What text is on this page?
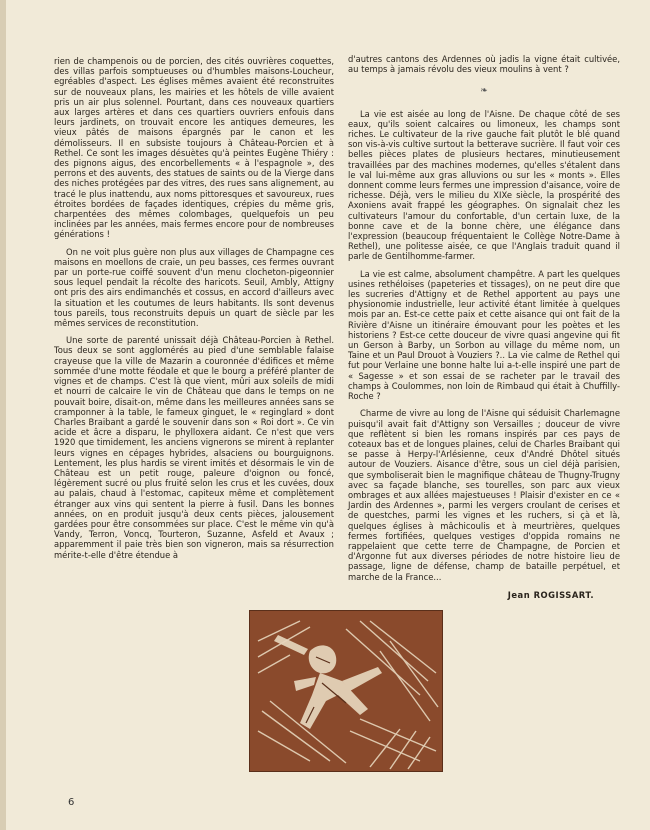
rien de champenois ou de porcien, des cités ouvrières coquettes, des villas parfois somptueuses ou d'humbles maisons-Loucheur, egréables d'aspect. Les églises mêmes avaient été reconstruites sur de nouveaux plans, les mairies et les hôtels de ville avaient pris un air plus solennel. Pourtant, dans ces nouveaux quartiers aux larges artères et dans ces quartiers ouvriers enfouis dans leurs jardinets, on trouvait encore les antiques demeures, les vieux pâtés de maisons épargnés par le canon et les démolisseurs. Il en subsiste toujours à Château-Porcien et à Rethel. Ce sont les images désuètes qu'à peintes Eugène Thiéry : des pignons aigus, des encorbellements « à l'espagnole », des perrons et des auvents, des statues de saints ou de la Vierge dans des niches protégées par des vitres, des rues sans alignement, au tracé le plus inattendu, aux noms pittoresques et savoureux, rues étroites bordées de façades identiques, crépies du même gris, charpentées des mêmes colombages, quelquefois un peu inclinées par les années, mais fermes encore pour de nombreuses générations !

On ne voit plus guère non plus aux villages de Champagne ces maisons en moellons de craie, un peu basses, ces fermes ouvrant par un porte-rue coiffé souvent d'un menu clocheton-pigeonnier sous lequel pendait la récolte des haricots. Seuil, Ambly, Attigny ont pris des airs endimanchés et cossus, en accord d'ailleurs avec la situation et les coutumes de leurs habitants. Ils sont devenus tous pareils, tous reconstruits depuis un quart de siècle par les mêmes services de reconstitution.

Une sorte de parenté unissait déjà Château-Porcien à Rethel. Tous deux se sont agglomérés au pied d'une semblable falaise crayeuse que la ville de Mazarin a couronnée d'édifices et même sommée d'une motte féodale et que le bourg a préféré planter de vignes et de champs. C'est là que vient, mûri aux soleils de midi et nourri de calcaire le vin de Château que dans le temps on ne pouvait boire, disait-on, même dans les meilleures années sans se cramponner à la table, le fameux ginguet, le « reginglard » dont Charles Braibant a gardé le souvenir dans son « Roi dort ». Ce vin acide et âcre a disparu, le phylloxera aidant. Ce n'est que vers 1920 que timidement, les anciens vignerons se mirent à replanter leurs vignes en cépages hybrides, alsaciens ou bourguignons. Lentement, les plus hardis se virent imités et désormais le vin de Château est un petit rouge, paleure d'oignon ou foncé, légèrement sucré ou plus fruité selon les crus et les cuvées, doux au palais, chaud à l'estomac, capiteux même et complètement étranger aux vins qui sentent la pierre à fusil. Dans les bonnes années, on en produit jusqu'à deux cents pièces, jalousement gardées pour être consommées sur place. C'est le même vin qu'à Vandy, Terron, Voncq, Tourteron, Suzanne, Asfeld et Avaux ; apparemment il paie très bien son vigneron, mais sa résurrection mérite-t-elle d'être étendue à

d'autres cantons des Ardennes où jadis la vigne était cultivée, au temps à jamais révolu des vieux moulins à vent ?

❧

La vie est aisée au long de l'Aisne. De chaque côté de ses eaux, qu'ils soient calcaires ou limoneux, les champs sont riches. Le cultivateur de la rive gauche fait plutôt le blé quand son vis-à-vis cultive surtout la betterave sucrière. Il faut voir ces belles pièces plates de plusieurs hectares, minutieusement travaillées par des machines modernes, qu'elles s'étalent dans le val lui-même aux gras alluvions ou sur les « monts ». Elles donnent comme leurs fermes une impression d'aisance, voire de richesse. Déjà, vers le milieu du XIXe siècle, la prospérité des Axoniens avait frappé les géographes. On signalait chez les cultivateurs l'amour du confortable, d'un certain luxe, de la bonne cave et de la bonne chère, une élégance dans l'expression (beaucoup fréquentaient le Collège Notre-Dame à Rethel), une politesse aisée, ce que l'Anglais traduit quand il parle de Gentilhomme-farmer.

La vie est calme, absolument champêtre. A part les quelques usines rethéloises (papeteries et tissages), on ne peut dire que les sucreries d'Attigny et de Rethel apportent au pays une physionomie industrielle, leur activité étant limitée à quelques mois par an. Est-ce cette paix et cette aisance qui ont fait de la Rivière d'Aisne un itinéraire émouvant pour les poètes et les historiens ? Est-ce cette douceur de vivre quasi angevine qui fit un Gerson à Barby, un Sorbon au village du même nom, un Taine et un Paul Drouot à Vouziers ?.. La vie calme de Rethel qui fut pour Verlaine une bonne halte lui a-t-elle inspiré une part de « Sagesse » et son essai de se racheter par le travail des champs à Coulommes, non loin de Rimbaud qui était à Chuffilly-Roche ?

Charme de vivre au long de l'Aisne qui séduisit Charlemagne puisqu'il avait fait d'Attigny son Versailles ; douceur de vivre que reflètent si bien les romans inspirés par ces pays de coteaux bas et de longues plaines, celui de Charles Braibant qui se passe à Herpy-l'Arlésienne, ceux d'André Dhôtel situés autour de Vouziers. Aisance d'être, sous un ciel déjà parisien, que symboliserait bien le magnifique château de Thugny-Trugny avec sa façade blanche, ses tourelles, son parc aux vieux ombrages et aux allées majestueuses ! Plaisir d'exister en ce « Jardin des Ardennes », parmi les vergers croulant de cerises et de questches, parmi les vignes et les ruchers, si çà et là, quelques églises à mâchicoulis et à meurtrières, quelques fermes fortifiées, quelques vestiges d'oppida romains ne rappelaient que cette terre de Champagne, de Porcien et d'Argonne fut aux diverses périodes de notre histoire lieu de passage, ligne de défense, champ de bataille perpétuel, et marche de la France...

Jean ROGISSART.
6
